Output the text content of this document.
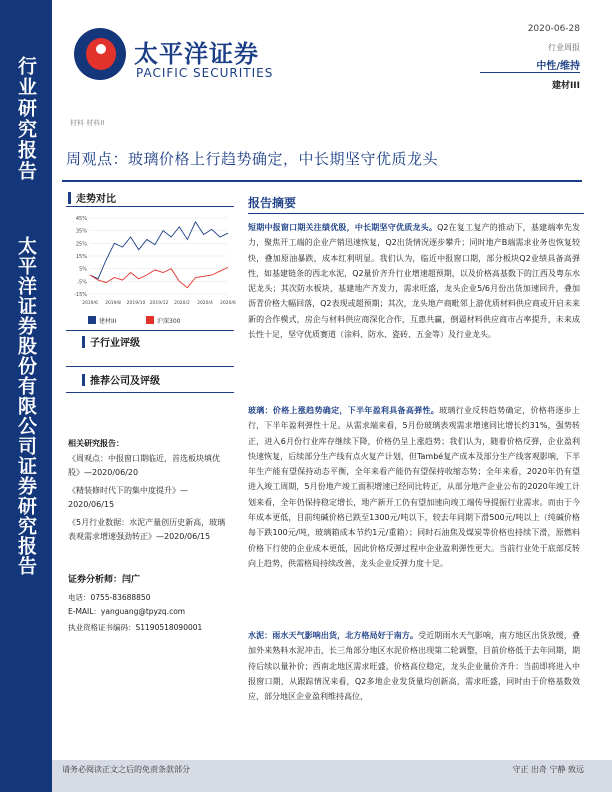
行业研究报告
太平洋证券股份有限公司证券研究报告
太平洋证券
PACIFIC SECURITIES
2020-06-28
行业周报
中性/维持
建材III
材料 材料II
周观点：玻璃价格上行趋势确定，中长期坚守优质龙头
走势对比
45%
35%
25%
15%
5%
-5%
-15%
2019/6 2019/8 2019/10 2019/12 2020/2 2020/4 2020/6
建材III	沪深300
子行业评级
推荐公司及评级
相关研究报告：
《周观点：中报窗口期临近，首选板块填优股》—2020/06/20
《精装修时代下的集中度提升》—2020/06/15
《5月行业数据：水泥产量创历史新高，玻璃表观需求增速强劲转正》—2020/06/15
证券分析师：闫广
电话：0755-83688850
E-MAIL：yanguang@tpyzq.com
执业资格证书编码：S1190518090001
报告摘要
短期中报窗口期关注绩优股，中长期坚守优质龙头。Q2在复工复产的推动下，基建端率先发力，聚焦开工端的企业产销迅速恢复，Q2出货情况逐步攀升；同时地产B端需求业务也恢复较快，叠加原油暴跌，成本红利明显。我们认为，临近中报窗口期，部分板块Q2业绩具备高弹性，如基建链条的西北水泥，Q2量价齐升行业增速超预期，以及价格高基数下的江西及粤东水泥龙头；其次防水板块，基建地产齐发力，需求旺盛，龙头企业5/6月份出货加速回升，叠加沥青价格大幅回落，Q2表现或超预期；其次，龙头地产商毗邻上游优质材料供应商或开启未来新的合作模式，房企与材料供应商深化合作，互惠共赢，倒逼材料供应商市占率提升，未来成长性十足，坚守优质赛道（涂料、防水、瓷砖、五金等）及行业龙头。
玻璃：价格上涨趋势确定，下半年盈利具备高弹性。玻璃行业反转趋势确定，价格将逐步上行，下半年盈利弹性十足。从需求端来看，5月份玻璃表观需求增速同比增长约31%，强势转正，进入6月份行业库存继续下降，价格仍呈上涨趋势；我们认为，随着价格反弹，企业盈利快速恢复，后续部分生产线有点火复产计划，但També复产成本及部分生产线客观影响，下半年生产能有望保持动态平衡，全年来看产能仍有望保持收缩态势；全年来看，2020年仍有望进入竣工周期，5月份地产竣工面积增速已经同比转正，从部分地产企业公布的2020年竣工计划来看，全年仍保持稳定增长，地产新开工仍有望加速向竣工端传导提振行业需求。而由于今年成本更低，目前纯碱价格已跌至1300元/吨以下，较去年同期下滑500元/吨以上（纯碱价格每下跌100元/吨，玻璃箱成本节约1元/重箱）；同时石油焦及煤炭等价格也持续下滑，原燃料价格下行使的企业成本更低，因此价格反弹过程中企业盈利弹性更大。当前行业处于底部反转向上趋势，供需格局持续改善，龙头企业反弹力度十足。
水泥：雨水天气影响出货，北方格局好于南方。受近期雨水天气影响，南方地区出货放缓，叠加外来熟料水泥冲击，长三角部分地区水泥价格出现第二轮调整，目前价格低于去年同期，期待后续以量补价；西南北地区需求旺盛，价格高位稳定，龙头企业量价齐升：当前即将进入中报窗口期，从跟踪情况来看，Q2多地企业发货量均创新高，需求旺盛，同时由于价格基数效应，部分地区企业盈利维持高位，
请务必阅读正文之后的免责条款部分	守正 出奇 宁静 致远
